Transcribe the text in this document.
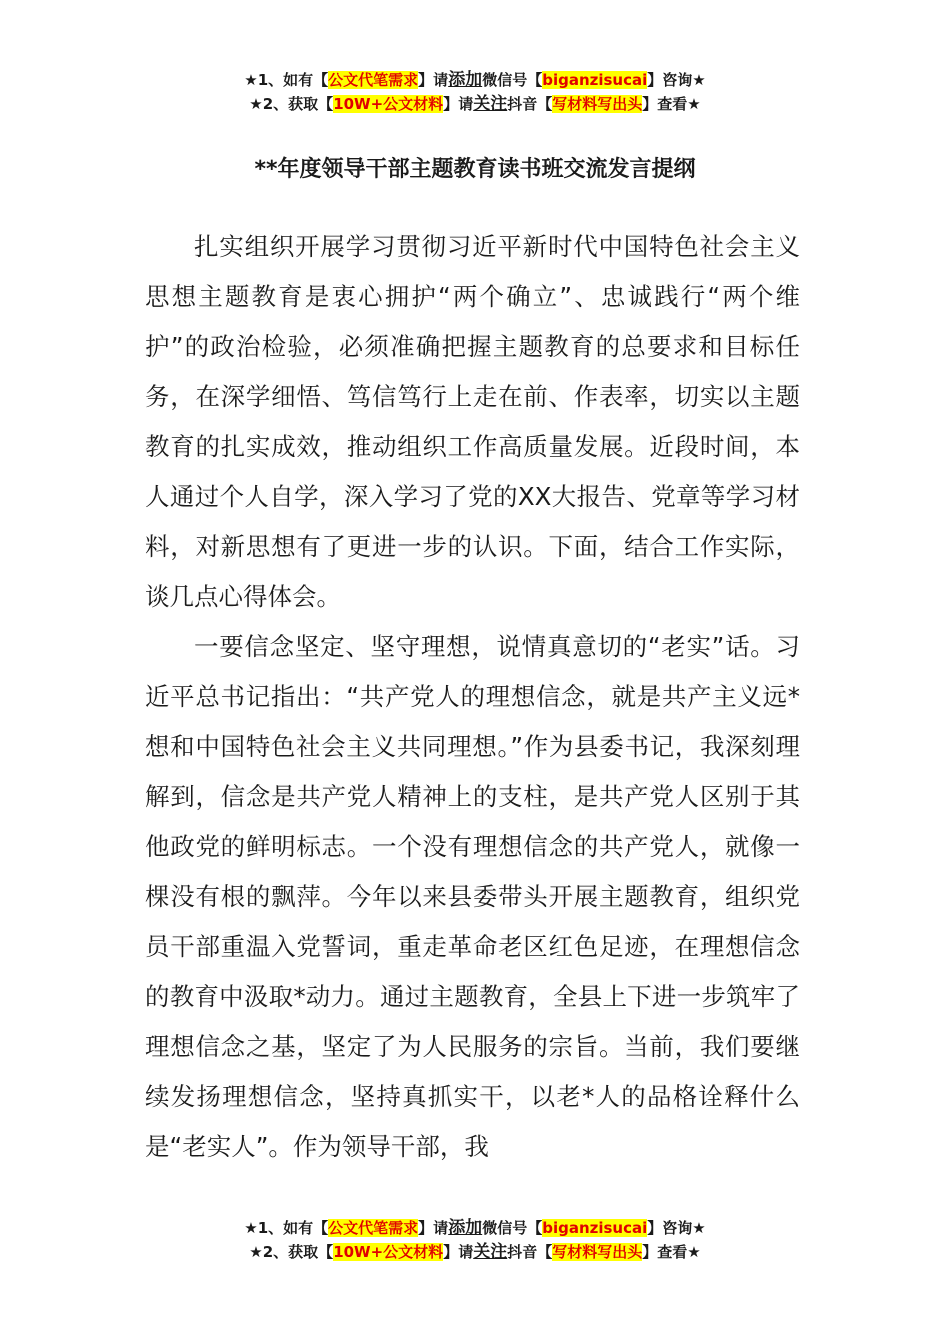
★1、如有【公文代笔需求】请添加微信号【biganzisucai】咨询★
★2、获取【10W+公文材料】请关注抖音【写材料写出头】查看★
**年度领导干部主题教育读书班交流发言提纲

扎实组织开展学习贯彻习近平新时代中国特色社会主义思想主题教育是衷心拥护“两个确立”、忠诚践行“两个维护”的政治检验，必须准确把握主题教育的总要求和目标任务，在深学细悟、笃信笃行上走在前、作表率，切实以主题教育的扎实成效，推动组织工作高质量发展。近段时间，本人通过个人自学，深入学习了党的XX大报告、党章等学习材料，对新思想有了更进一步的认识。下面，结合工作实际，谈几点心得体会。

一要信念坚定、坚守理想，说情真意切的“老实”话。习近平总书记指出：“共产党人的理想信念，就是共产主义远*想和中国特色社会主义共同理想。”作为县委书记，我深刻理解到，信念是共产党人精神上的支柱，是共产党人区别于其他政党的鲜明标志。一个没有理想信念的共产党人，就像一棵没有根的飘萍。今年以来县委带头开展主题教育，组织党员干部重温入党誓词，重走革命老区红色足迹，在理想信念的教育中汲取*动力。通过主题教育，全县上下进一步筑牢了理想信念之基，坚定了为人民服务的宗旨。当前，我们要继续发扬理想信念，坚持真抓实干，以老*人的品格诠释什么是“老实人”。作为领导干部，我

★1、如有【公文代笔需求】请添加微信号【biganzisucai】咨询★
★2、获取【10W+公文材料】请关注抖音【写材料写出头】查看★
